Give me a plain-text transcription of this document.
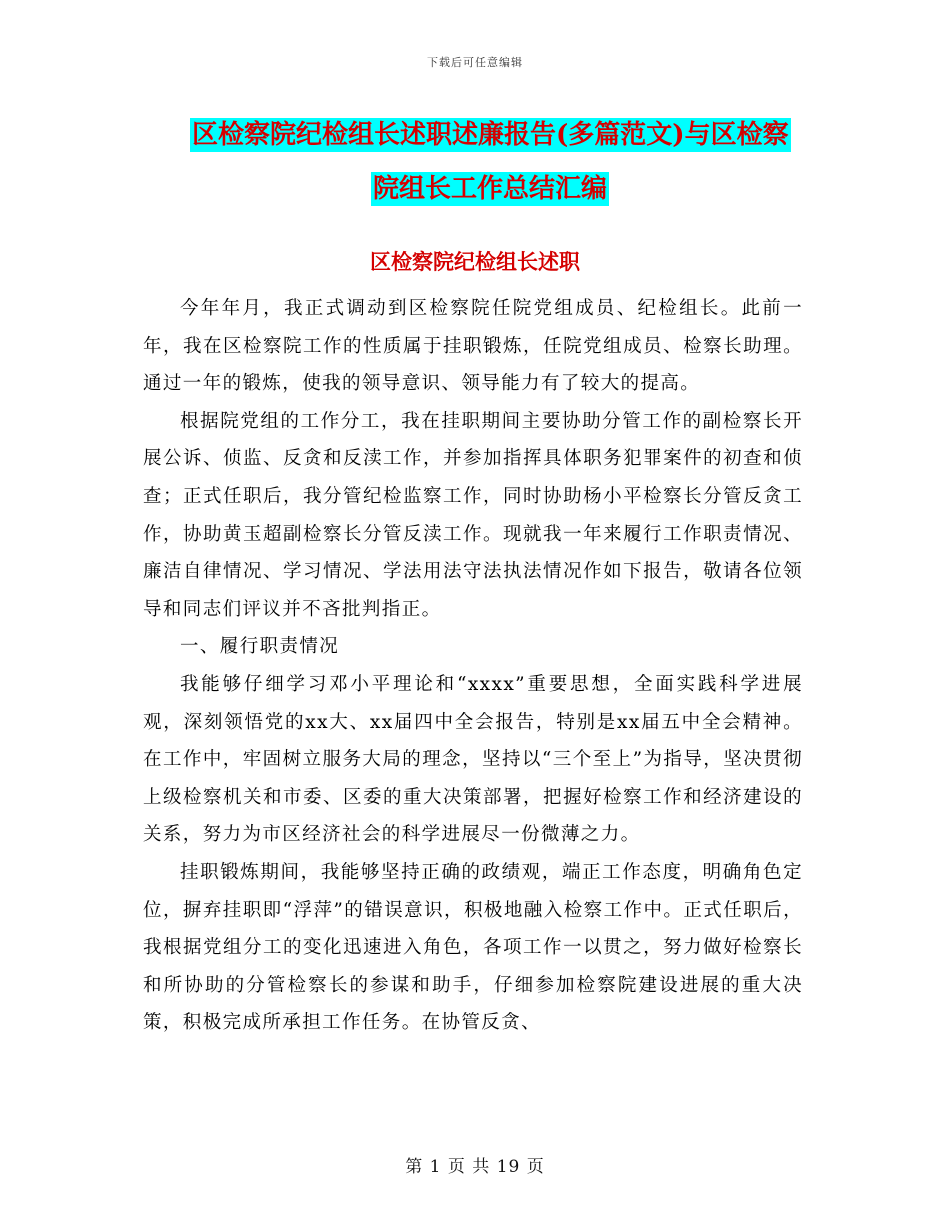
下载后可任意编辑
区检察院纪检组长述职述廉报告(多篇范文)与区检察
院组长工作总结汇编
区检察院纪检组长述职

今年年月，我正式调动到区检察院任院党组成员、纪检组长。此前一年，我在区检察院工作的性质属于挂职锻炼，任院党组成员、检察长助理。通过一年的锻炼，使我的领导意识、领导能力有了较大的提高。

根据院党组的工作分工，我在挂职期间主要协助分管工作的副检察长开展公诉、侦监、反贪和反渎工作，并参加指挥具体职务犯罪案件的初查和侦查；正式任职后，我分管纪检监察工作，同时协助杨小平检察长分管反贪工作，协助黄玉超副检察长分管反渎工作。现就我一年来履行工作职责情况、廉洁自律情况、学习情况、学法用法守法执法情况作如下报告，敬请各位领导和同志们评议并不吝批判指正。

一、履行职责情况

我能够仔细学习邓小平理论和“xxxx”重要思想，全面实践科学进展观，深刻领悟党的xx大、xx届四中全会报告，特别是xx届五中全会精神。在工作中，牢固树立服务大局的理念，坚持以“三个至上”为指导，坚决贯彻上级检察机关和市委、区委的重大决策部署，把握好检察工作和经济建设的关系，努力为市区经济社会的科学进展尽一份微薄之力。

挂职锻炼期间，我能够坚持正确的政绩观，端正工作态度，明确角色定位，摒弃挂职即“浮萍”的错误意识，积极地融入检察工作中。正式任职后，我根据党组分工的变化迅速进入角色，各项工作一以贯之，努力做好检察长和所协助的分管检察长的参谋和助手，仔细参加检察院建设进展的重大决策，积极完成所承担工作任务。在协管反贪、

第 1 页 共 19 页
